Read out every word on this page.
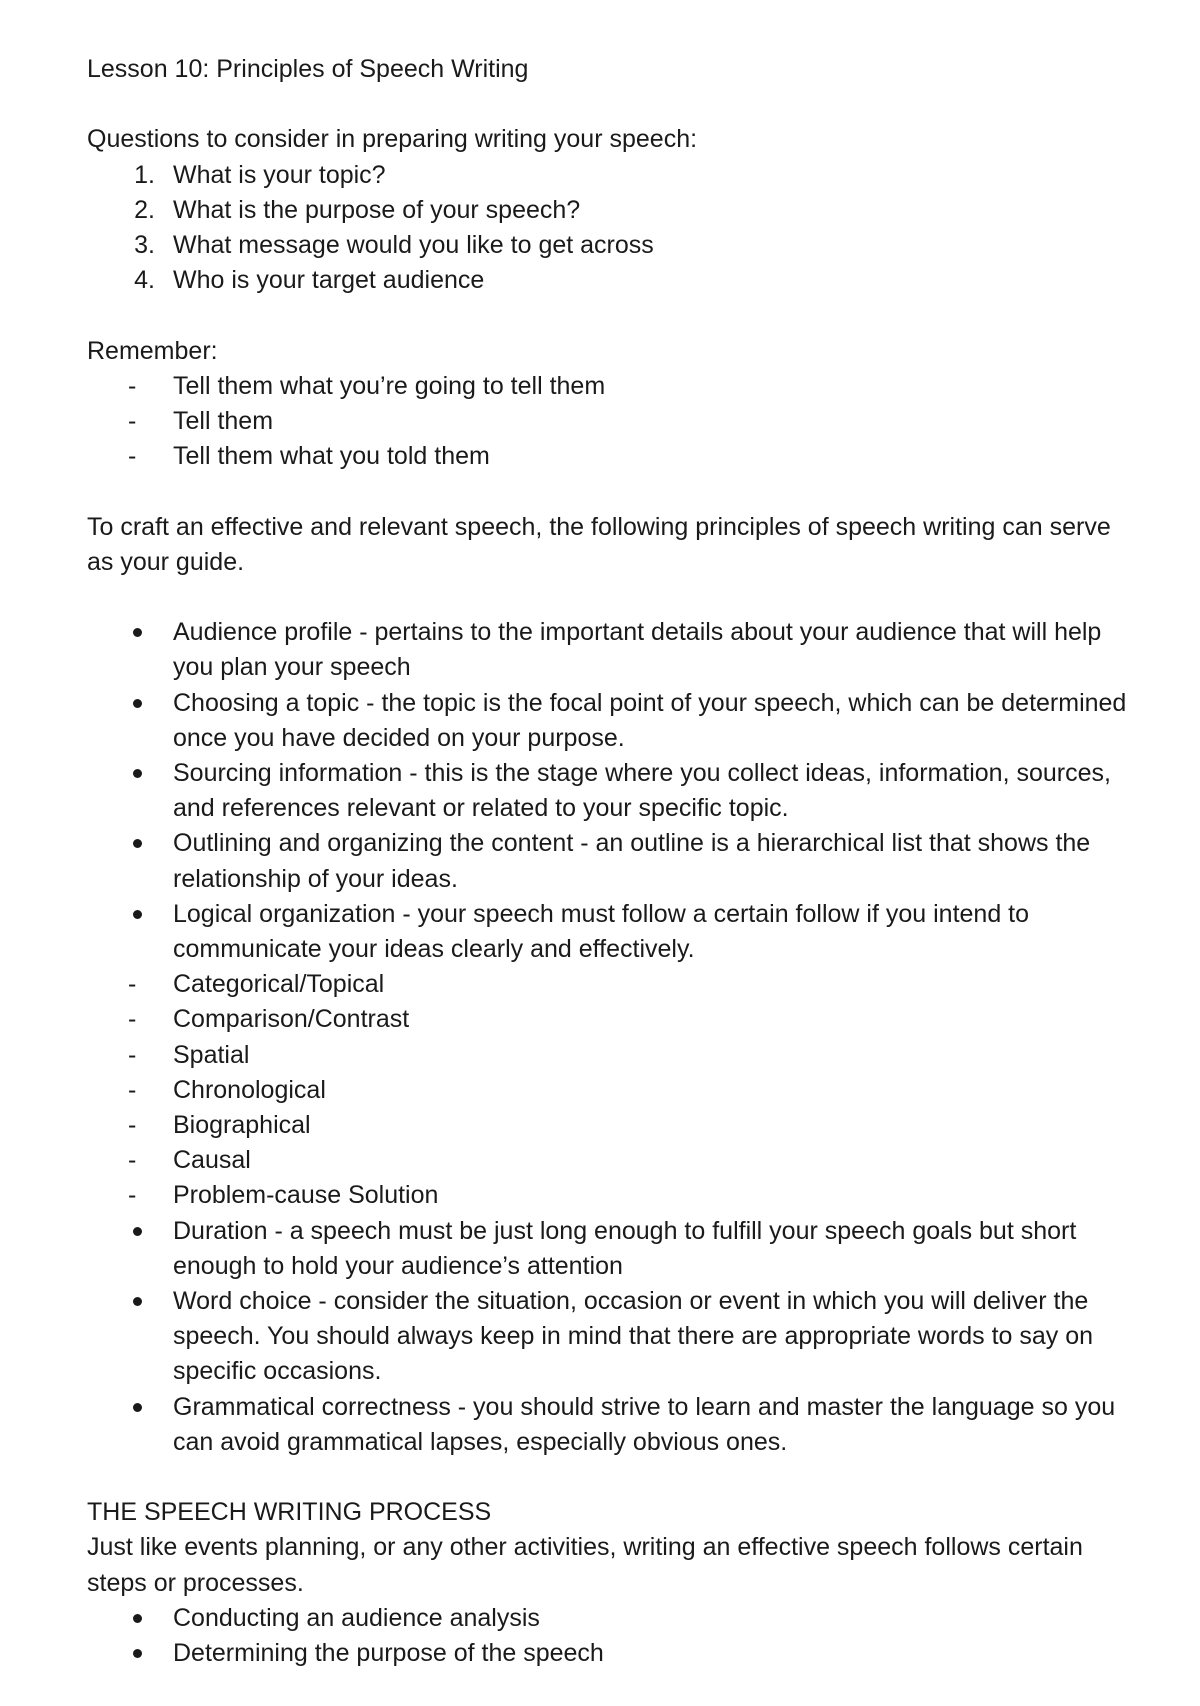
Lesson 10: Principles of Speech Writing

Questions to consider in preparing writing your speech:

1. What is your topic?

2. What is the purpose of your speech?

3. What message would you like to get across

4. Who is your target audience

Remember:

-	Tell them what you’re going to tell them

-	Tell them

-	Tell them what you told them

To craft an effective and relevant speech, the following principles of speech writing can serve as your guide.

Audience profile - pertains to the important details about your audience that will help you plan your speech

Choosing a topic - the topic is the focal point of your speech, which can be determined once you have decided on your purpose.

Sourcing information - this is the stage where you collect ideas, information, sources, and references relevant or related to your specific topic.

Outlining and organizing the content - an outline is a hierarchical list that shows the relationship of your ideas.

Logical organization - your speech must follow a certain follow if you intend to communicate your ideas clearly and effectively.

-	Categorical/Topical

-	Comparison/Contrast

-	Spatial

-	Chronological

-	Biographical

-	Causal

-	Problem-cause Solution

Duration - a speech must be just long enough to fulfill your speech goals but short enough to hold your audience’s attention

Word choice - consider the situation, occasion or event in which you will deliver the speech. You should always keep in mind that there are appropriate words to say on specific occasions.

Grammatical correctness - you should strive to learn and master the language so you can avoid grammatical lapses, especially obvious ones.

THE SPEECH WRITING PROCESS

Just like events planning, or any other activities, writing an effective speech follows certain steps or processes.

Conducting an audience analysis

Determining the purpose of the speech
